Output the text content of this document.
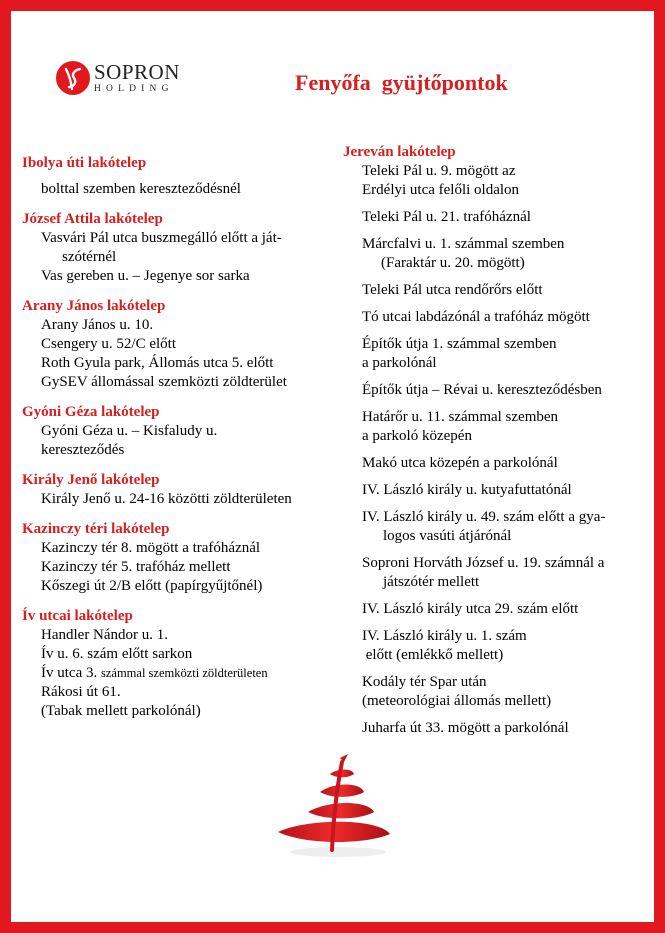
SOPRON
HOLDING	Fenyőfa  gyüjtőpontok
Ibolya úti lakótelep
bolttal szemben kereszteződésnél
József Attila lakótelep
Vasvári Pál utca buszmegálló előtt a ját-
szótérnél
Vas gereben u. – Jegenye sor sarka
Arany János lakótelep
Arany János u. 10.
Csengery u. 52/C előtt
Roth Gyula park, Állomás utca 5. előtt
GySEV állomással szemközti zöldterület
Gyóni Géza lakótelep
Gyóni Géza u. – Kisfaludy u.
kereszteződés
Király Jenő lakótelep
Király Jenő u. 24-16 közötti zöldterületen
Kazinczy téri lakótelep
Kazinczy tér 8. mögött a trafóháznál
Kazinczy tér 5. trafóház mellett
Kőszegi út 2/B előtt (papírgyűjtőnél)
Ív utcai lakótelep
Handler Nándor u. 1.
Ív u. 6. szám előtt sarkon
Ív utca 3. számmal szemközti zöldterületen
Rákosi út 61.
(Tabak mellett parkolónál)
Jereván lakótelep
Teleki Pál u. 9. mögött az
Erdélyi utca felőli oldalon
Teleki Pál u. 21. trafóháznál
Márcfalvi u. 1. számmal szemben
(Faraktár u. 20. mögött)
Teleki Pál utca rendőrőrs előtt
Tó utcai labdázónál a trafóház mögött
Építők útja 1. számmal szemben
a parkolónál
Építők útja – Révai u. kereszteződésben
Határőr u. 11. számmal szemben
a parkoló közepén
Makó utca közepén a parkolónál
IV. László király u. kutyafuttatónál
IV. László király u. 49. szám előtt a gya-
logos vasúti átjárónál
Soproni Horváth József u. 19. számnál a
játszótér mellett
IV. László király utca 29. szám előtt
IV. László király u. 1. szám
előtt (emlékkő mellett)
Kodály tér Spar után
(meteorológiai állomás mellett)
Juharfa út 33. mögött a parkolónál
